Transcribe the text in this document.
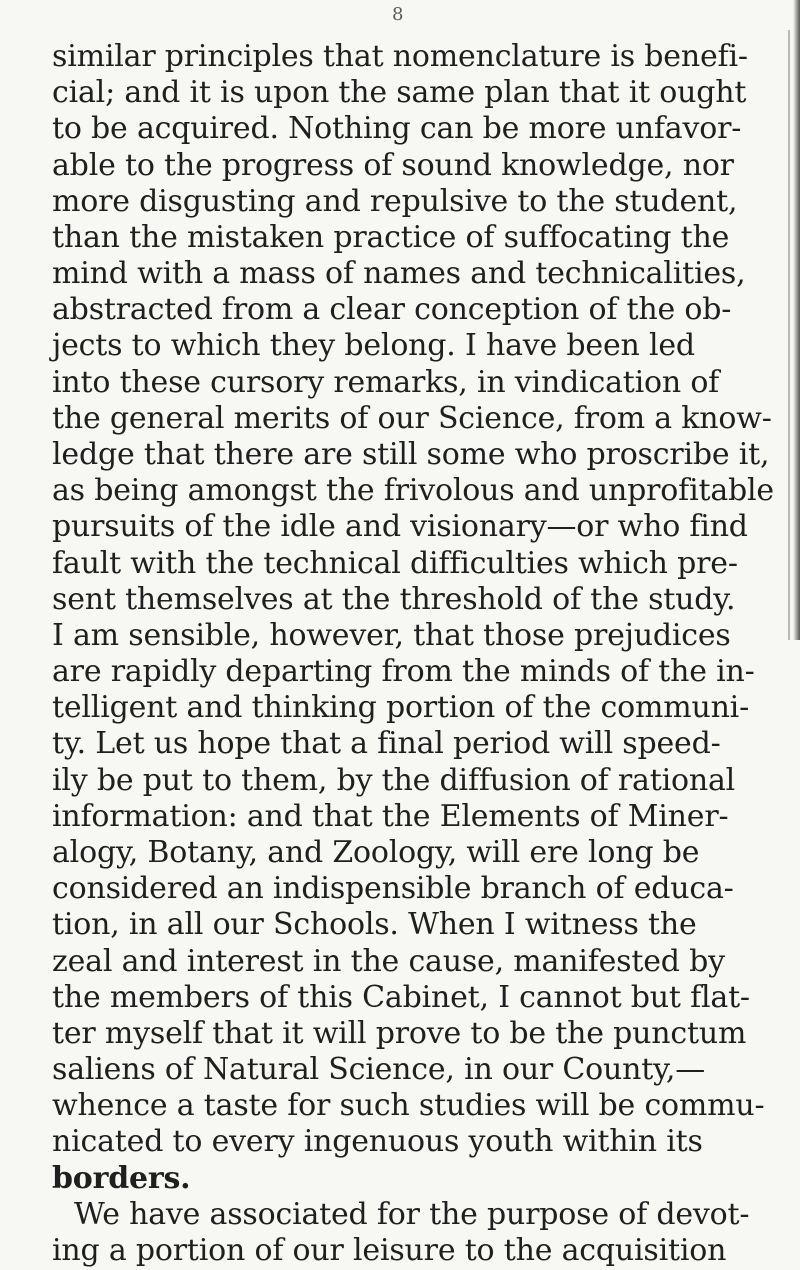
8
similar principles that nomenclature is benefi-
cial; and it is upon the same plan that it ought
to be acquired. Nothing can be more unfavor-
able to the progress of sound knowledge, nor
more disgusting and repulsive to the student,
than the mistaken practice of suffocating the
mind with a mass of names and technicalities,
abstracted from a clear conception of the ob-
jects to which they belong. I have been led
into these cursory remarks, in vindication of
the general merits of our Science, from a know-
ledge that there are still some who proscribe it,
as being amongst the frivolous and unprofitable
pursuits of the idle and visionary—or who find
fault with the technical difficulties which pre-
sent themselves at the threshold of the study.
I am sensible, however, that those prejudices
are rapidly departing from the minds of the in-
telligent and thinking portion of the communi-
ty. Let us hope that a final period will speed-
ily be put to them, by the diffusion of rational
information: and that the Elements of Miner-
alogy, Botany, and Zoology, will ere long be
considered an indispensible branch of educa-
tion, in all our Schools. When I witness the
zeal and interest in the cause, manifested by
the members of this Cabinet, I cannot but flat-
ter myself that it will prove to be the punctum
saliens of Natural Science, in our County,—
whence a taste for such studies will be commu-
nicated to every ingenuous youth within its
borders.
We have associated for the purpose of devot-
ing a portion of our leisure to the acquisition
